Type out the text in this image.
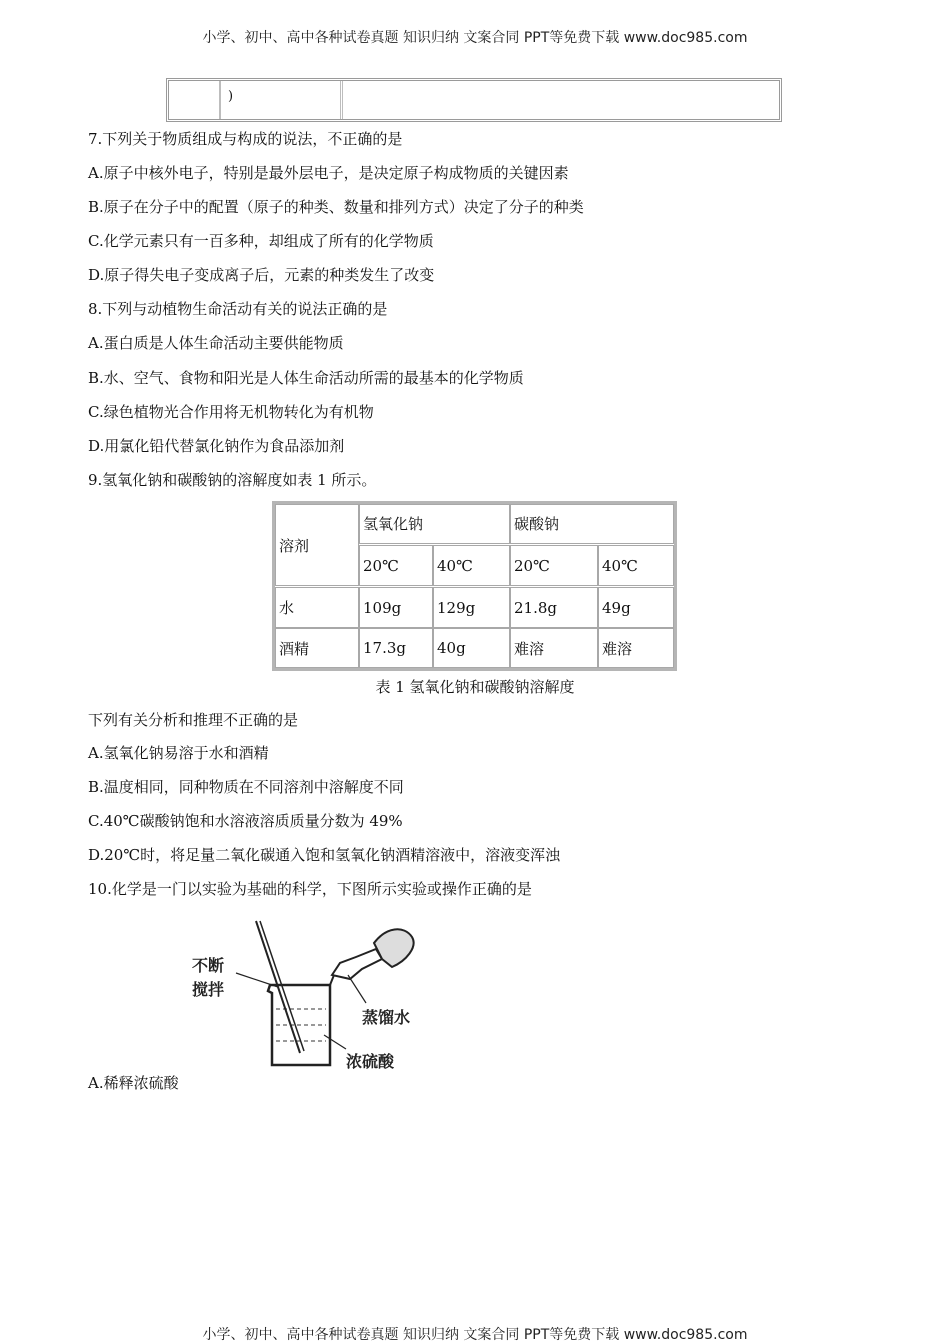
小学、初中、高中各种试卷真题 知识归纳 文案合同 PPT等免费下载 www.doc985.com
)
7.下列关于物质组成与构成的说法，不正确的是
A.原子中核外电子，特别是最外层电子，是决定原子构成物质的关键因素
B.原子在分子中的配置（原子的种类、数量和排列方式）决定了分子的种类
C.化学元素只有一百多种，却组成了所有的化学物质
D.原子得失电子变成离子后，元素的种类发生了改变
8.下列与动植物生命活动有关的说法正确的是
A.蛋白质是人体生命活动主要供能物质
B.水、空气、食物和阳光是人体生命活动所需的最基本的化学物质
C.绿色植物光合作用将无机物转化为有机物
D.用氯化铅代替氯化钠作为食品添加剂
9.氢氧化钠和碳酸钠的溶解度如表 1 所示。
溶剂
氢氧化钠	碳酸钠
20℃	40℃	20℃	40℃
水	109g	129g	21.8g	49g
酒精	17.3g	40g	难溶	难溶
表 1 氢氧化钠和碳酸钠溶解度
下列有关分析和推理不正确的是
A.氢氧化钠易溶于水和酒精
B.温度相同，同种物质在不同溶剂中溶解度不同
C.40℃碳酸钠饱和水溶液溶质质量分数为 49%
D.20℃时，将足量二氧化碳通入饱和氢氧化钠酒精溶液中，溶液变浑浊
10.化学是一门以实验为基础的科学，下图所示实验或操作正确的是
不断
搅拌
蒸馏水
浓硫酸
A.稀释浓硫酸
小学、初中、高中各种试卷真题 知识归纳 文案合同 PPT等免费下载 www.doc985.com
